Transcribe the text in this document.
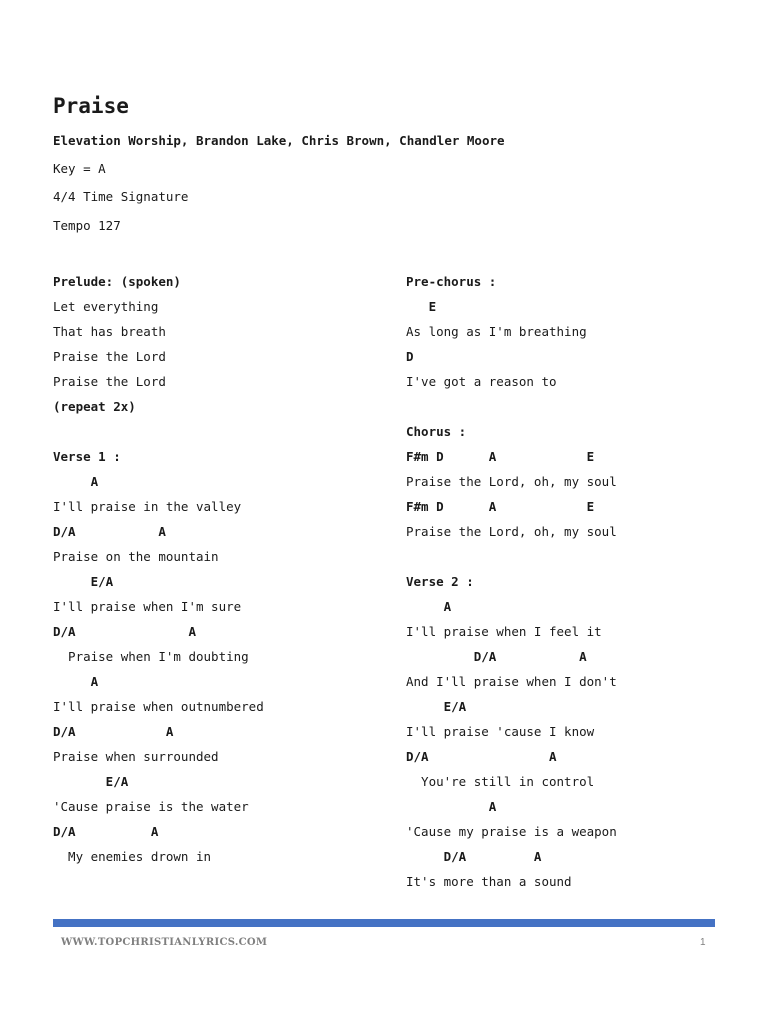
Praise
Elevation Worship, Brandon Lake, Chris Brown, Chandler Moore
Key = A
4/4 Time Signature
Tempo 127
Prelude: (spoken)
Let everything
That has breath
Praise the Lord
Praise the Lord
(repeat 2x)
Verse 1 :
A
I'll praise in the valley
D/A           A
Praise on the mountain
E/A
I'll praise when I'm sure
D/A               A
Praise when I'm doubting
A
I'll praise when outnumbered
D/A            A
Praise when surrounded
E/A
'Cause praise is the water
D/A          A
My enemies drown in
Pre-chorus :
E
As long as I'm breathing
D
I've got a reason to
Chorus :
F#m D      A            E
Praise the Lord, oh, my soul
F#m D      A            E
Praise the Lord, oh, my soul
Verse 2 :
A
I'll praise when I feel it
D/A           A
And I'll praise when I don't
E/A
I'll praise 'cause I know
D/A                A
You're still in control
A
'Cause my praise is a weapon
D/A         A
It's more than a sound
WWW.TOPCHRISTIANLYRICS.COM	1
